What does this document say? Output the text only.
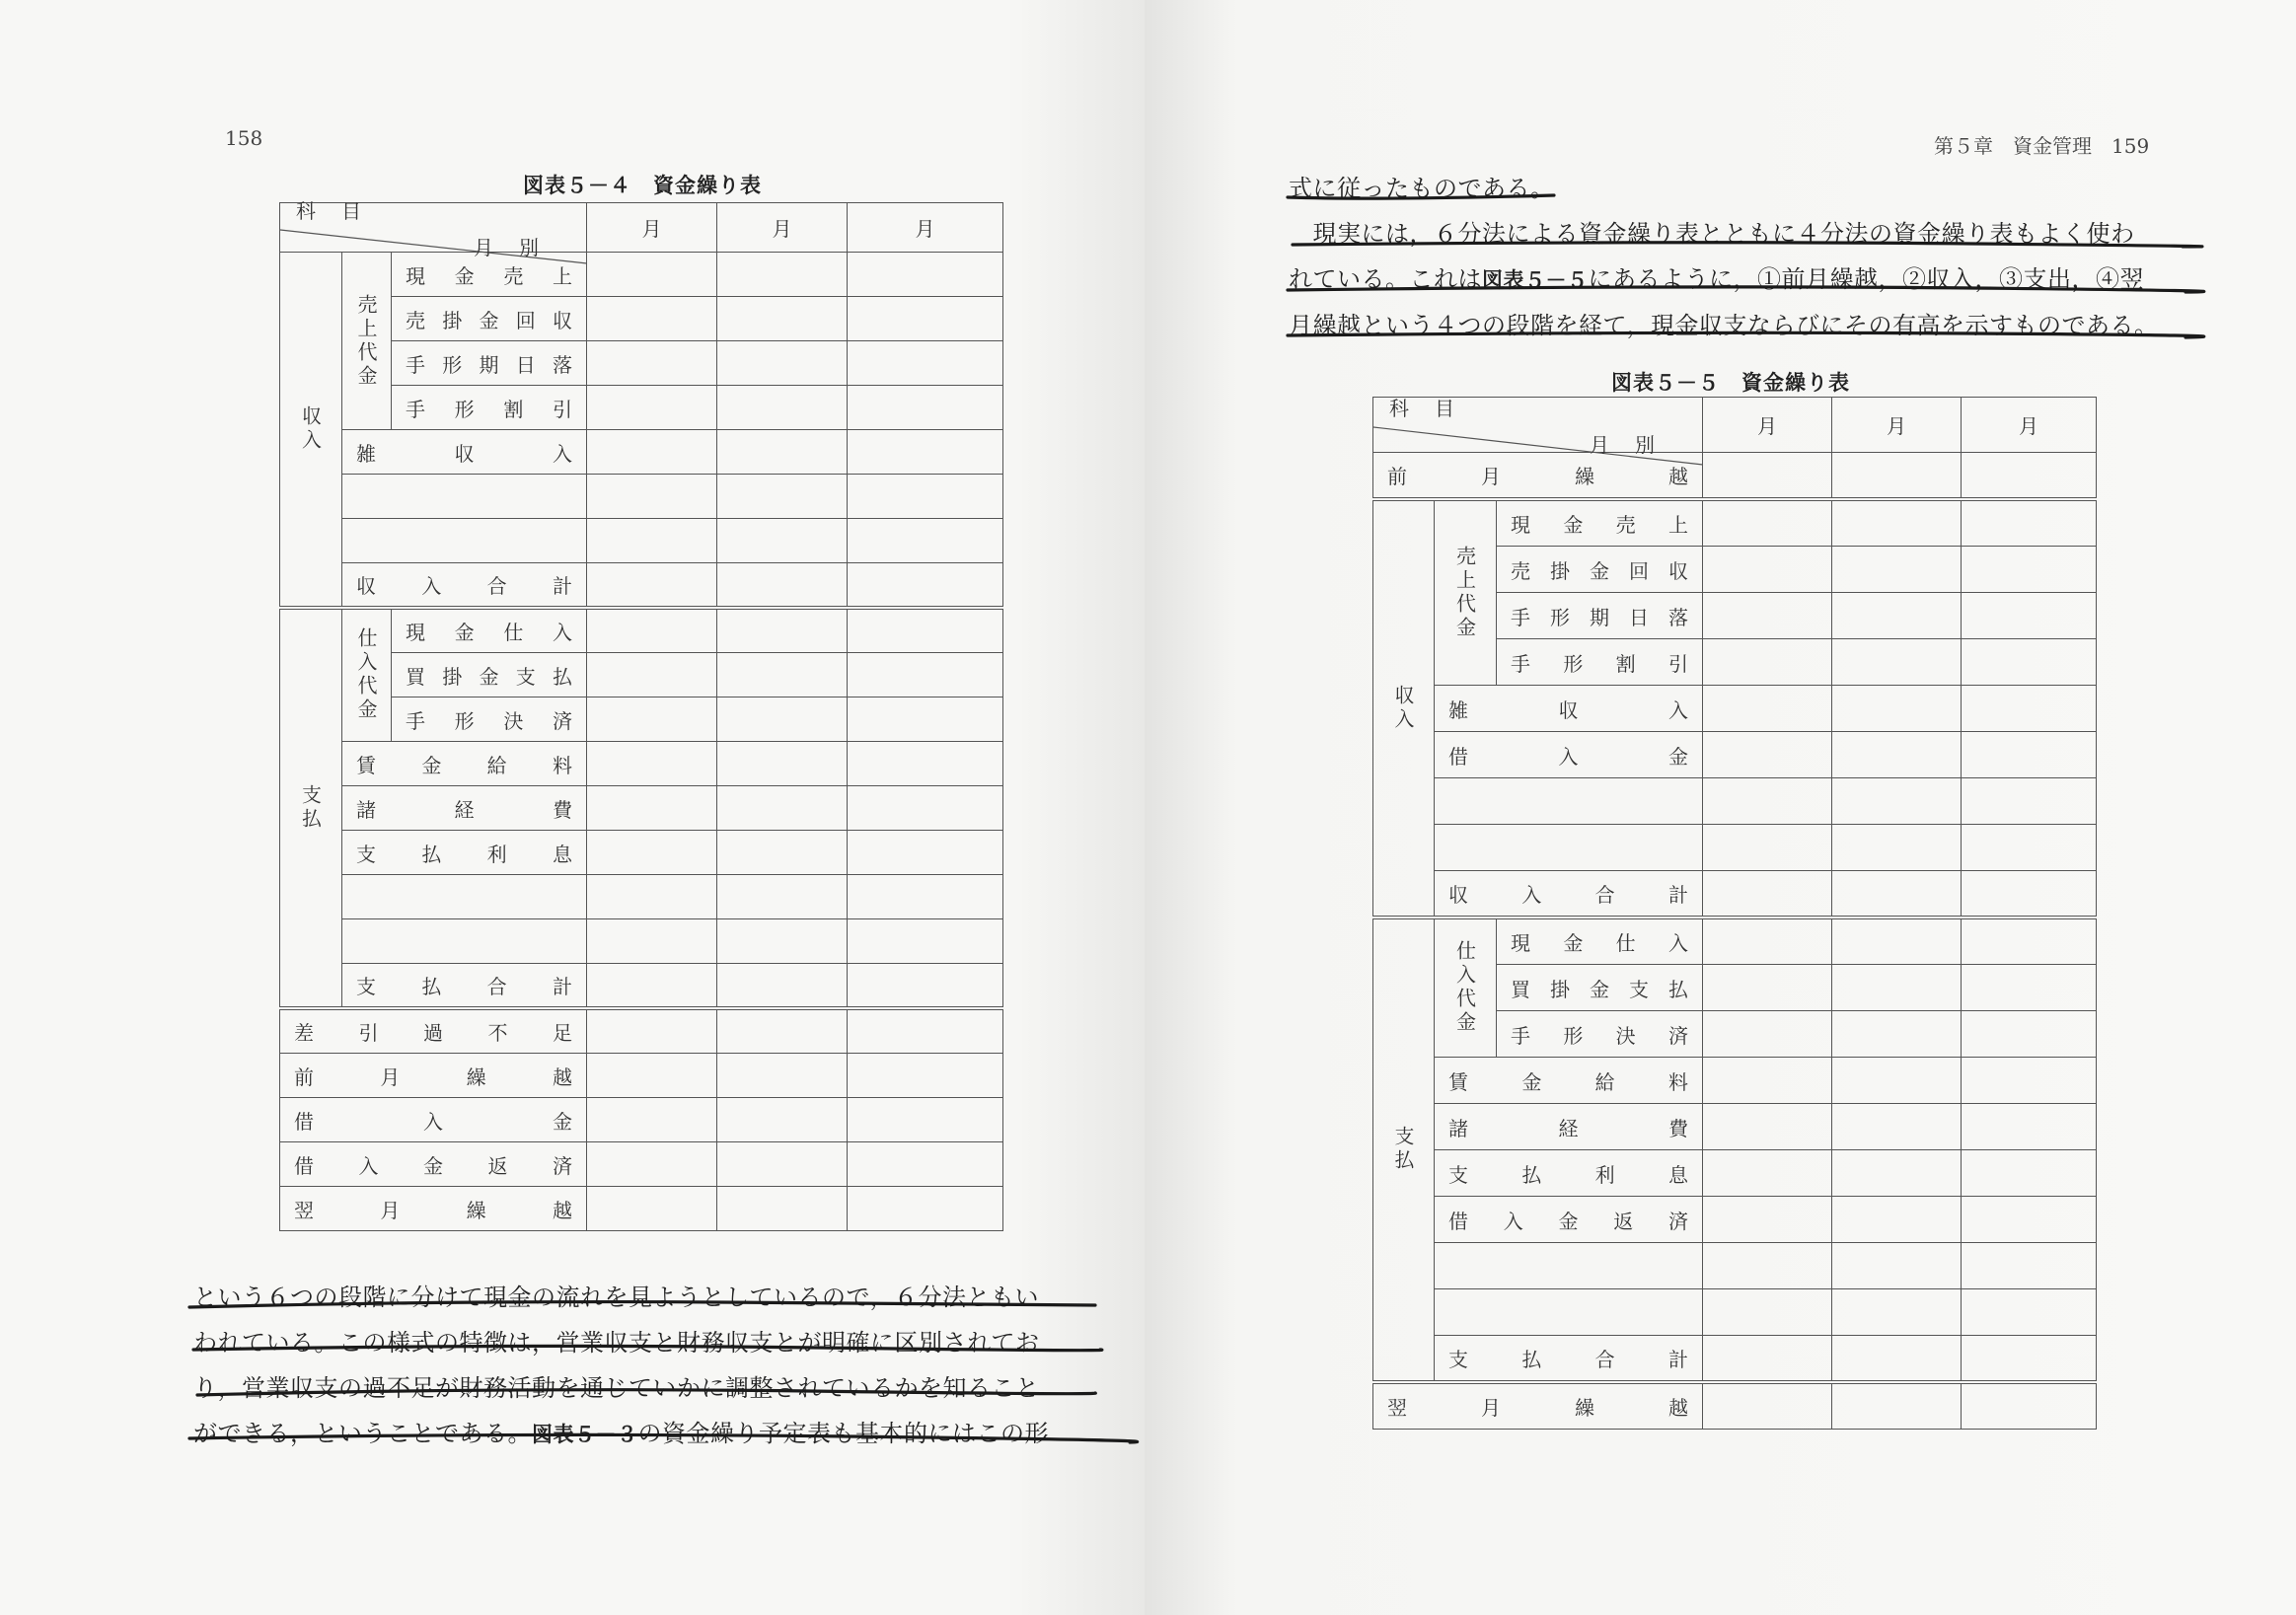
158
図表５－４　資金繰り表
月別
科目			月	月	月
収入	売上代金	現金売上			
		売掛金回収			
		手形期日落			
		手形割引			
	雑収入				

	収入合計				
支払	仕入代金	現金仕入			
		買掛金支払			
		手形決済			
	賃金給料				
	諸経費				
	支払利息				

	支払合計				
差引過不足					
前月繰越					
借入金					
借入金返済					
翌月繰越					
という６つの段階に分けて現金の流れを見ようとしているので，６分法ともい
われている。この様式の特徴は，営業収支と財務収支とが明確に区別されてお
り，営業収支の過不足が財務活動を通じていかに調整されているかを知ること
ができる，ということである。図表５－３の資金繰り予定表も基本的にはこの形
第５章　資金管理　159
式に従ったものである。
　現実には，６分法による資金繰り表とともに４分法の資金繰り表もよく使わ
れている。これは図表５－５にあるように，①前月繰越，②収入，③支出，④翌
月繰越という４つの段階を経て，現金収支ならびにその有高を示すものである。
図表５－５　資金繰り表
月別
科目			月	月	月
前月繰越					
収入	売上代金	現金売上			
		売掛金回収			
		手形期日落			
		手形割引			
	雑収入				
	借入金				

	収入合計				
支払	仕入代金	現金仕入			
		買掛金支払			
		手形決済			
	賃金給料				
	諸経費				
	支払利息				
	借入金返済				

	支払合計				
翌月繰越					
